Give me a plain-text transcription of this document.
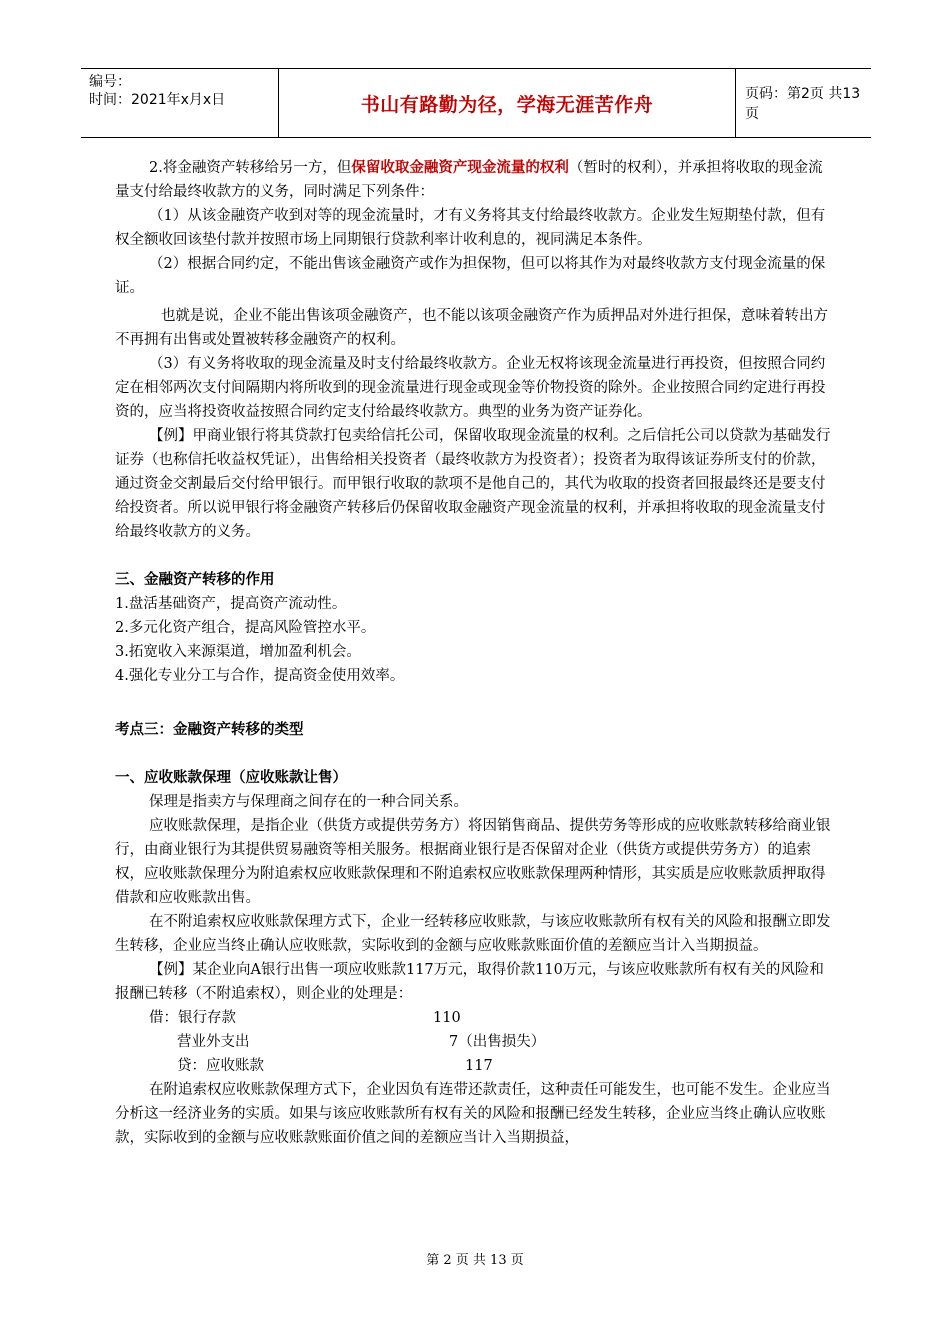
编号：
时间：2021年x月x日	书山有路勤为径，学海无涯苦作舟	页码：第2页 共13页

2.将金融资产转移给另一方，但保留收取金融资产现金流量的权利（暂时的权利），并承担将收取的现金流量支付给最终收款方的义务，同时满足下列条件：

（1）从该金融资产收到对等的现金流量时，才有义务将其支付给最终收款方。企业发生短期垫付款，但有权全额收回该垫付款并按照市场上同期银行贷款利率计收利息的，视同满足本条件。

（2）根据合同约定，不能出售该金融资产或作为担保物，但可以将其作为对最终收款方支付现金流量的保证。

也就是说，企业不能出售该项金融资产，也不能以该项金融资产作为质押品对外进行担保，意味着转出方不再拥有出售或处置被转移金融资产的权利。

（3）有义务将收取的现金流量及时支付给最终收款方。企业无权将该现金流量进行再投资，但按照合同约定在相邻两次支付间隔期内将所收到的现金流量进行现金或现金等价物投资的除外。企业按照合同约定进行再投资的，应当将投资收益按照合同约定支付给最终收款方。典型的业务为资产证券化。

【例】甲商业银行将其贷款打包卖给信托公司，保留收取现金流量的权利。之后信托公司以贷款为基础发行证券（也称信托收益权凭证），出售给相关投资者（最终收款方为投资者）；投资者为取得该证券所支付的价款，通过资金交割最后交付给甲银行。而甲银行收取的款项不是他自己的，其代为收取的投资者回报最终还是要支付给投资者。所以说甲银行将金融资产转移后仍保留收取金融资产现金流量的权利，并承担将收取的现金流量支付给最终收款方的义务。

三、金融资产转移的作用

1.盘活基础资产，提高资产流动性。

2.多元化资产组合，提高风险管控水平。

3.拓宽收入来源渠道，增加盈利机会。

4.强化专业分工与合作，提高资金使用效率。

考点三：金融资产转移的类型

一、应收账款保理（应收账款让售）

保理是指卖方与保理商之间存在的一种合同关系。

应收账款保理，是指企业（供货方或提供劳务方）将因销售商品、提供劳务等形成的应收账款转移给商业银行，由商业银行为其提供贸易融资等相关服务。根据商业银行是否保留对企业（供货方或提供劳务方）的追索权，应收账款保理分为附追索权应收账款保理和不附追索权应收账款保理两种情形，其实质是应收账款质押取得借款和应收账款出售。

在不附追索权应收账款保理方式下，企业一经转移应收账款，与该应收账款所有权有关的风险和报酬立即发生转移，企业应当终止确认应收账款，实际收到的金额与应收账款账面价值的差额应当计入当期损益。

【例】某企业向A银行出售一项应收账款117万元，取得价款110万元，与该应收账款所有权有关的风险和报酬已转移（不附追索权），则企业的处理是：

借：银行存款	110
营业外支出	7（出售损失）
贷：应收账款	117

在附追索权应收账款保理方式下，企业因负有连带还款责任，这种责任可能发生，也可能不发生。企业应当分析这一经济业务的实质。如果与该应收账款所有权有关的风险和报酬已经发生转移，企业应当终止确认应收账款，实际收到的金额与应收账款账面价值之间的差额应当计入当期损益，

第 2 页 共 13 页
